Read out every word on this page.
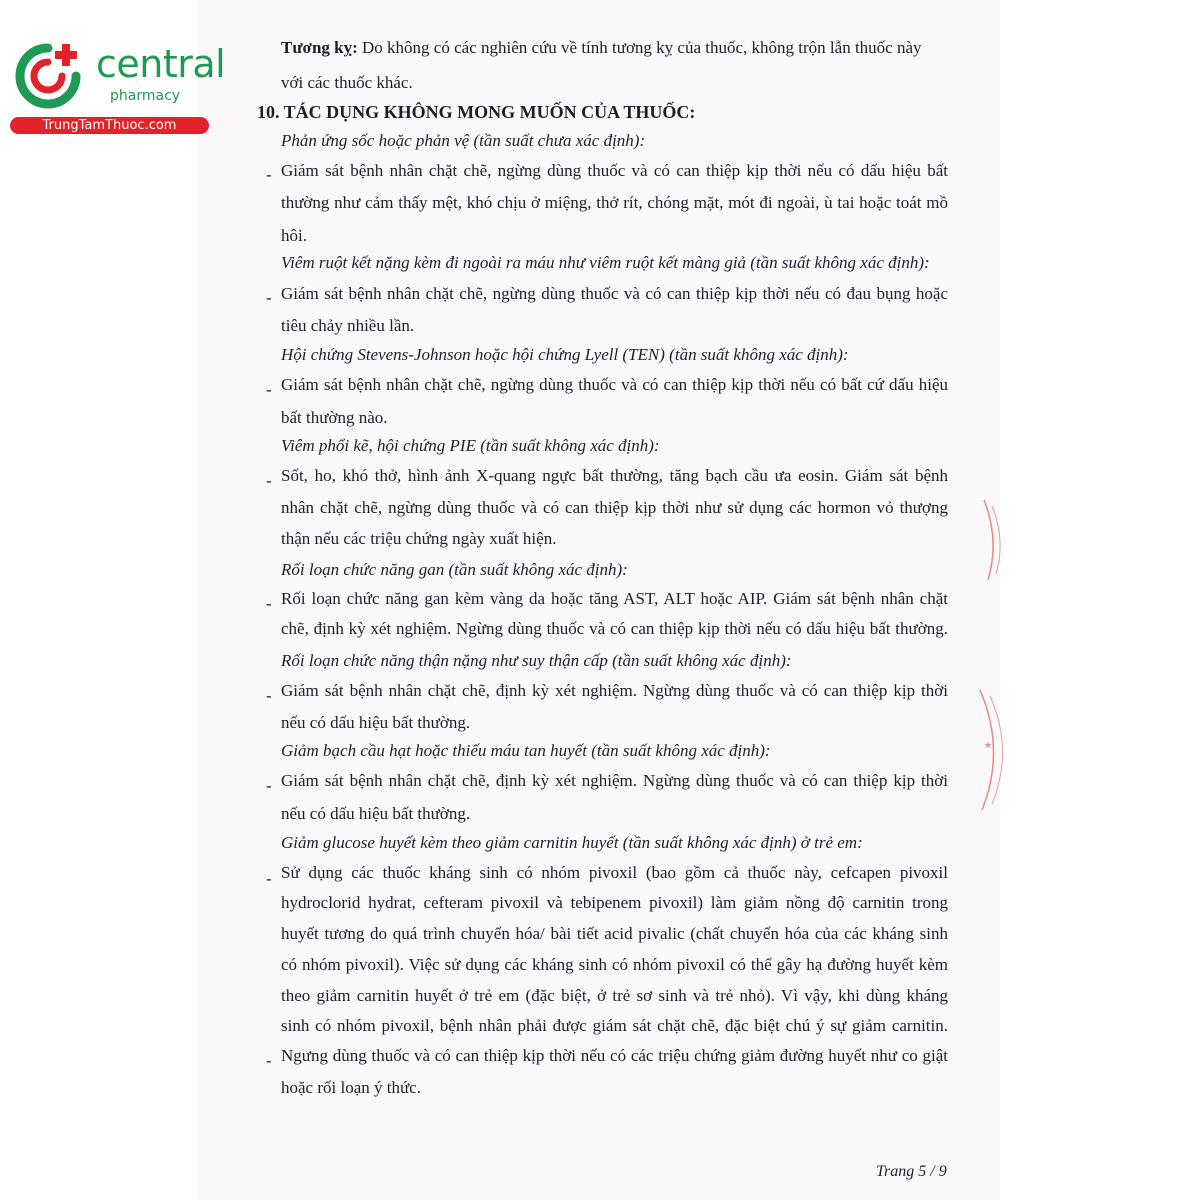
central
pharmacy
TrungTamThuoc.com
Tương kỵ: Do không có các nghiên cứu về tính tương kỵ của thuốc, không trộn lẫn thuốc này
với các thuốc khác.
10. TÁC DỤNG KHÔNG MONG MUỐN CỦA THUỐC:
Phản ứng sốc hoặc phản vệ (tần suất chưa xác định):
- Giám sát bệnh nhân chặt chẽ, ngừng dùng thuốc và có can thiệp kịp thời nếu có dấu hiệu bất
thường như cảm thấy mệt, khó chịu ở miệng, thở rít, chóng mặt, mót đi ngoài, ù tai hoặc toát mồ
hôi.
Viêm ruột kết nặng kèm đi ngoài ra máu như viêm ruột kết màng giả (tần suất không xác định):
- Giám sát bệnh nhân chặt chẽ, ngừng dùng thuốc và có can thiệp kịp thời nếu có đau bụng hoặc
tiêu chảy nhiều lần.
Hội chứng Stevens-Johnson hoặc hội chứng Lyell (TEN) (tần suất không xác định):
- Giám sát bệnh nhân chặt chẽ, ngừng dùng thuốc và có can thiệp kịp thời nếu có bất cứ dấu hiệu
bất thường nào.
Viêm phổi kẽ, hội chứng PIE (tần suất không xác định):
- Sốt, ho, khó thở, hình ảnh X-quang ngực bất thường, tăng bạch cầu ưa eosin. Giám sát bệnh
nhân chặt chẽ, ngừng dùng thuốc và có can thiệp kịp thời như sử dụng các hormon vỏ thượng
thận nếu các triệu chứng ngày xuất hiện.
Rối loạn chức năng gan (tần suất không xác định):
- Rối loạn chức năng gan kèm vàng da hoặc tăng AST, ALT hoặc AIP. Giám sát bệnh nhân chặt
chẽ, định kỳ xét nghiệm. Ngừng dùng thuốc và có can thiệp kịp thời nếu có dấu hiệu bất thường.
Rối loạn chức năng thận nặng như suy thận cấp (tần suất không xác định):
- Giám sát bệnh nhân chặt chẽ, định kỳ xét nghiệm. Ngừng dùng thuốc và có can thiệp kịp thời
nếu có dấu hiệu bất thường.
Giảm bạch cầu hạt hoặc thiếu máu tan huyết (tần suất không xác định):
- Giám sát bệnh nhân chặt chẽ, định kỳ xét nghiệm. Ngừng dùng thuốc và có can thiệp kịp thời
nếu có dấu hiệu bất thường.
Giảm glucose huyết kèm theo giảm carnitin huyết (tần suất không xác định) ở trẻ em:
- Sử dụng các thuốc kháng sinh có nhóm pivoxil (bao gồm cả thuốc này, cefcapen pivoxil
hydroclorid hydrat, cefteram pivoxil và tebipenem pivoxil) làm giảm nồng độ carnitin trong
huyết tương do quá trình chuyển hóa/ bài tiết acid pivalic (chất chuyển hóa của các kháng sinh
có nhóm pivoxil). Việc sử dụng các kháng sinh có nhóm pivoxil có thể gây hạ đường huyết kèm
theo giảm carnitin huyết ở trẻ em (đặc biệt, ở trẻ sơ sinh và trẻ nhỏ). Vì vậy, khi dùng kháng
sinh có nhóm pivoxil, bệnh nhân phải được giám sát chặt chẽ, đặc biệt chú ý sự giảm carnitin.
- Ngưng dùng thuốc và có can thiệp kịp thời nếu có các triệu chứng giảm đường huyết như co giật
hoặc rối loạn ý thức.
Trang 5 / 9
★
